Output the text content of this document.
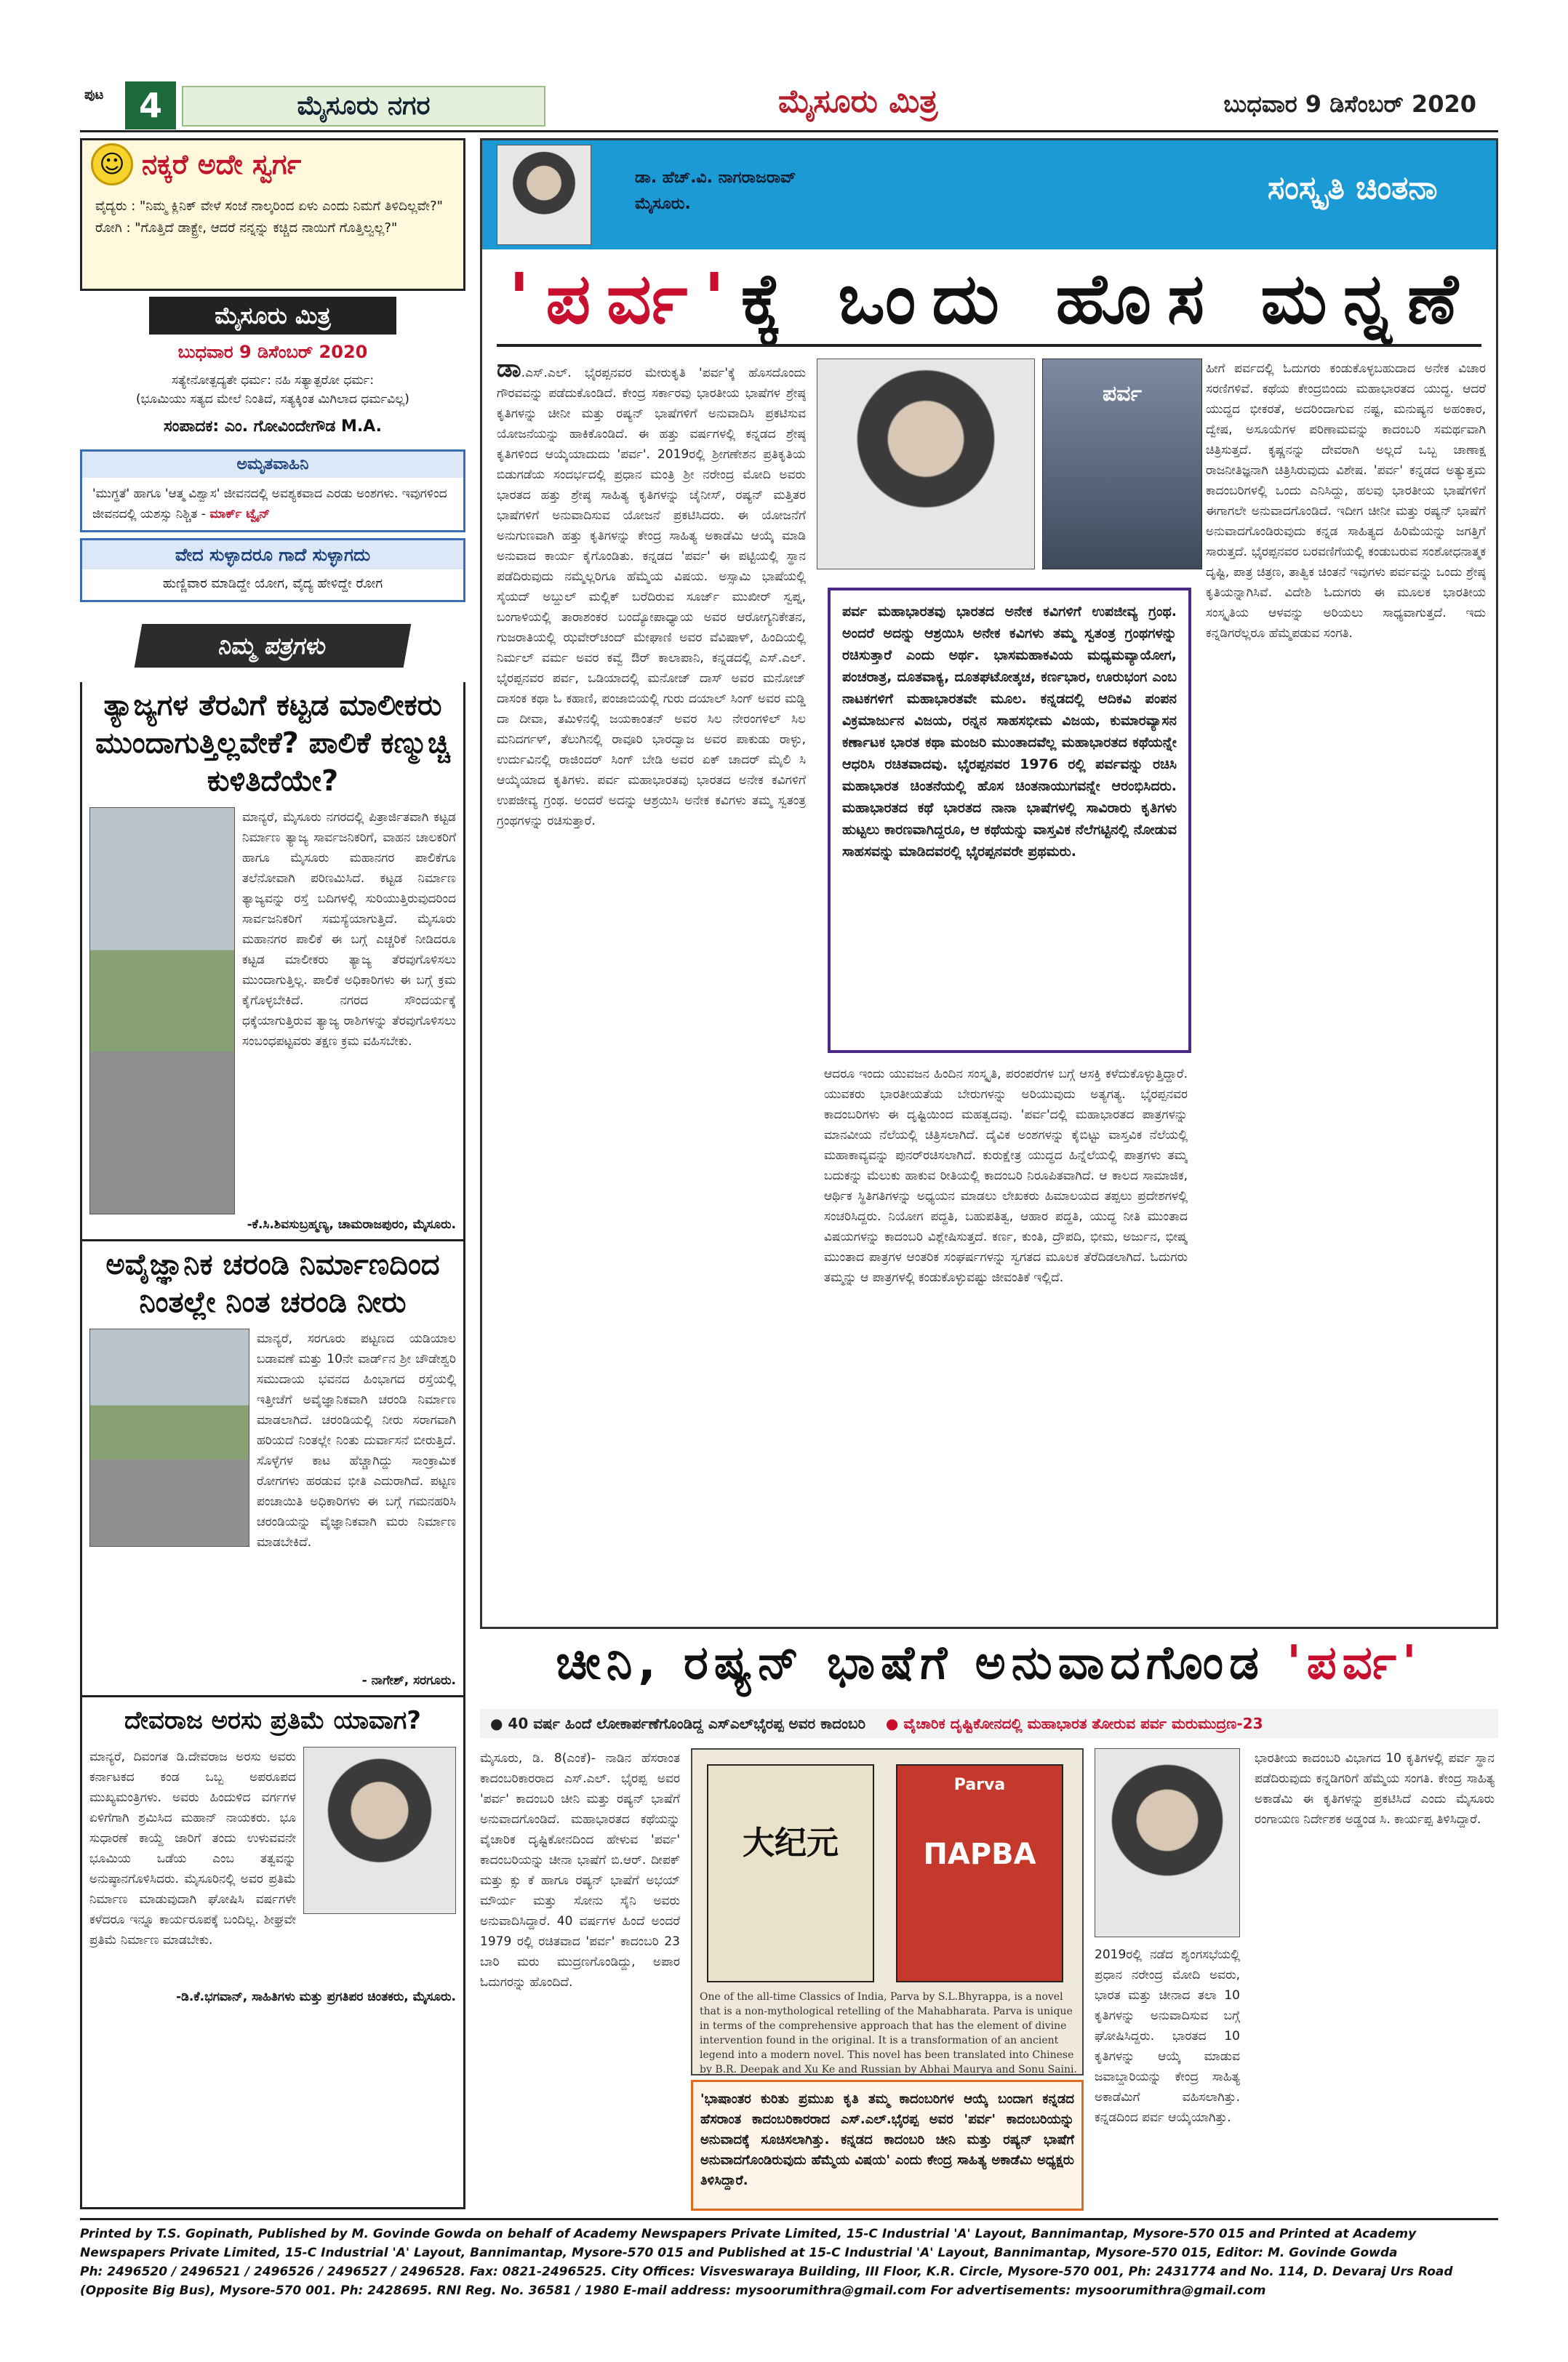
ಪುಟ	4	ಮೈಸೂರು ನಗರ	ಮೈಸೂರು ಮಿತ್ರ	ಬುಧವಾರ 9 ಡಿಸೆಂಬರ್ 2020
☺ ನಕ್ಕರೆ ಅದೇ ಸ್ವರ್ಗ

ವೈದ್ಯರು : "ನಿಮ್ಮ ಕ್ಲಿನಿಕ್ ವೇಳೆ ಸಂಜೆ ನಾಲ್ಕರಿಂದ ಏಳು ಎಂದು ನಿಮಗೆ ತಿಳಿದಿಲ್ಲವೇ?"

ರೋಗಿ : "ಗೊತ್ತಿದೆ ಡಾಕ್ಟ್ರೇ, ಆದರೆ ನನ್ನನ್ನು ಕಚ್ಚಿದ ನಾಯಿಗೆ ಗೊತ್ತಿಲ್ವಲ್ಲ?"

ಮೈಸೂರು ಮಿತ್ರ
ಬುಧವಾರ 9 ಡಿಸೆಂಬರ್ 2020

ಸತ್ಯೇನೋತ್ಪದ್ಯತೇ ಧರ್ಮ: ನಹಿ ಸತ್ಯಾತ್ಪರೋ ಧರ್ಮ:

(ಭೂಮಿಯು ಸತ್ಯದ ಮೇಲೆ ನಿಂತಿದೆ, ಸತ್ಯಕ್ಕಿಂತ ಮಿಗಿಲಾದ ಧರ್ಮವಿಲ್ಲ)

ಸಂಪಾದಕ: ಎಂ. ಗೋವಿಂದೇಗೌಡ M.A.
ಅಮೃತವಾಹಿನಿ
'ಮುಗ್ಧತೆ' ಹಾಗೂ 'ಆತ್ಮ ವಿಶ್ವಾಸ' ಜೀವನದಲ್ಲಿ ಅವಶ್ಯಕವಾದ ಎರಡು ಅಂಶಗಳು. ಇವುಗಳಿಂದ ಜೀವನದಲ್ಲಿ ಯಶಸ್ಸು ನಿಶ್ಚಿತ - ಮಾರ್ಕ್ ಟ್ವೈನ್
ವೇದ ಸುಳ್ಳಾದರೂ ಗಾದೆ ಸುಳ್ಳಾಗದು
ಹುಣ್ಣಿವಾರ ಮಾಡಿದ್ದೇ ಯೋಗ, ವೈದ್ಯ ಹೇಳಿದ್ದೇ ರೋಗ
ನಿಮ್ಮ ಪತ್ರಗಳು
ತ್ಯಾಜ್ಯಗಳ ತೆರವಿಗೆ ಕಟ್ಟಡ ಮಾಲೀಕರು ಮುಂದಾಗುತ್ತಿಲ್ಲವೇಕೆ? ಪಾಲಿಕೆ ಕಣ್ಮುಚ್ಚಿ ಕುಳಿತಿದೆಯೇ?

ಮಾನ್ಯರೆ, ಮೈಸೂರು ನಗರದಲ್ಲಿ ಪಿತ್ರಾರ್ಜಿತವಾಗಿ ಕಟ್ಟಡ ನಿರ್ಮಾಣ ತ್ಯಾಜ್ಯ ಸಾರ್ವಜನಿಕರಿಗೆ, ವಾಹನ ಚಾಲಕರಿಗೆ ಹಾಗೂ ಮೈಸೂರು ಮಹಾನಗರ ಪಾಲಿಕೆಗೂ ತಲೆನೋವಾಗಿ ಪರಿಣಮಿಸಿದೆ. ಕಟ್ಟಡ ನಿರ್ಮಾಣ ತ್ಯಾಜ್ಯವನ್ನು ರಸ್ತೆ ಬದಿಗಳಲ್ಲಿ ಸುರಿಯುತ್ತಿರುವುದರಿಂದ ಸಾರ್ವಜನಿಕರಿಗೆ ಸಮಸ್ಯೆಯಾಗುತ್ತಿದೆ. ಮೈಸೂರು ಮಹಾನಗರ ಪಾಲಿಕೆ ಈ ಬಗ್ಗೆ ಎಚ್ಚರಿಕೆ ನೀಡಿದರೂ ಕಟ್ಟಡ ಮಾಲೀಕರು ತ್ಯಾಜ್ಯ ತೆರವುಗೊಳಿಸಲು ಮುಂದಾಗುತ್ತಿಲ್ಲ. ಪಾಲಿಕೆ ಅಧಿಕಾರಿಗಳು ಈ ಬಗ್ಗೆ ಕ್ರಮ ಕೈಗೊಳ್ಳಬೇಕಿದೆ. ನಗರದ ಸೌಂದರ್ಯಕ್ಕೆ ಧಕ್ಕೆಯಾಗುತ್ತಿರುವ ತ್ಯಾಜ್ಯ ರಾಶಿಗಳನ್ನು ತೆರವುಗೊಳಿಸಲು ಸಂಬಂಧಪಟ್ಟವರು ತಕ್ಷಣ ಕ್ರಮ ವಹಿಸಬೇಕು.

-ಕೆ.ಸಿ.ಶಿವಸುಬ್ರಹ್ಮಣ್ಯ, ಚಾಮರಾಜಪುರಂ, ಮೈಸೂರು.

ಅವೈಜ್ಞಾನಿಕ ಚರಂಡಿ ನಿರ್ಮಾಣದಿಂದ ನಿಂತಲ್ಲೇ ನಿಂತ ಚರಂಡಿ ನೀರು

ಮಾನ್ಯರೆ, ಸರಗೂರು ಪಟ್ಟಣದ ಯಡಿಯಾಲ ಬಡಾವಣೆ ಮತ್ತು 10ನೇ ವಾರ್ಡ್‌ನ ಶ್ರೀ ಚೌಡೇಶ್ವರಿ ಸಮುದಾಯ ಭವನದ ಹಿಂಭಾಗದ ರಸ್ತೆಯಲ್ಲಿ ಇತ್ತೀಚೆಗೆ ಅವೈಜ್ಞಾನಿಕವಾಗಿ ಚರಂಡಿ ನಿರ್ಮಾಣ ಮಾಡಲಾಗಿದೆ. ಚರಂಡಿಯಲ್ಲಿ ನೀರು ಸರಾಗವಾಗಿ ಹರಿಯದೆ ನಿಂತಲ್ಲೇ ನಿಂತು ದುರ್ವಾಸನೆ ಬೀರುತ್ತಿದೆ. ಸೊಳ್ಳೆಗಳ ಕಾಟ ಹೆಚ್ಚಾಗಿದ್ದು ಸಾಂಕ್ರಾಮಿಕ ರೋಗಗಳು ಹರಡುವ ಭೀತಿ ಎದುರಾಗಿದೆ. ಪಟ್ಟಣ ಪಂಚಾಯಿತಿ ಅಧಿಕಾರಿಗಳು ಈ ಬಗ್ಗೆ ಗಮನಹರಿಸಿ ಚರಂಡಿಯನ್ನು ವೈಜ್ಞಾನಿಕವಾಗಿ ಮರು ನಿರ್ಮಾಣ ಮಾಡಬೇಕಿದೆ.

- ನಾಗೇಶ್, ಸರಗೂರು.

ದೇವರಾಜ ಅರಸು ಪ್ರತಿಮೆ ಯಾವಾಗ?

ಮಾನ್ಯರೆ, ದಿವಂಗತ ಡಿ.ದೇವರಾಜ ಅರಸು ಅವರು ಕರ್ನಾಟಕದ ಕಂಡ ಒಬ್ಬ ಅಪರೂಪದ ಮುಖ್ಯಮಂತ್ರಿಗಳು. ಅವರು ಹಿಂದುಳಿದ ವರ್ಗಗಳ ಏಳಿಗೆಗಾಗಿ ಶ್ರಮಿಸಿದ ಮಹಾನ್ ನಾಯಕರು. ಭೂ ಸುಧಾರಣೆ ಕಾಯ್ದೆ ಜಾರಿಗೆ ತಂದು ಉಳುವವನೇ ಭೂಮಿಯ ಒಡೆಯ ಎಂಬ ತತ್ವವನ್ನು ಅನುಷ್ಠಾನಗೊಳಿಸಿದರು. ಮೈಸೂರಿನಲ್ಲಿ ಅವರ ಪ್ರತಿಮೆ ನಿರ್ಮಾಣ ಮಾಡುವುದಾಗಿ ಘೋಷಿಸಿ ವರ್ಷಗಳೇ ಕಳೆದರೂ ಇನ್ನೂ ಕಾರ್ಯರೂಪಕ್ಕೆ ಬಂದಿಲ್ಲ. ಶೀಘ್ರವೇ ಪ್ರತಿಮೆ ನಿರ್ಮಾಣ ಮಾಡಬೇಕು.

-ಡಿ.ಕೆ.ಭಗವಾನ್, ಸಾಹಿತಿಗಳು ಮತ್ತು ಪ್ರಗತಿಪರ ಚಿಂತಕರು, ಮೈಸೂರು.

ಡಾ. ಹೆಚ್.ವಿ. ನಾಗರಾಜರಾವ್

ಮೈಸೂರು.	ಸಂಸ್ಕೃತಿ ಚಿಂತನಾ
'ಪರ್ವ'ಕ್ಕೆ ಒಂದು ಹೊಸ ಮನ್ನಣೆ
ಡಾ.ಎಸ್.ಎಲ್. ಭೈರಪ್ಪನವರ ಮೇರುಕೃತಿ 'ಪರ್ವ'ಕ್ಕೆ ಹೊಸದೊಂದು ಗೌರವವನ್ನು ಪಡೆದುಕೊಂಡಿದೆ. ಕೇಂದ್ರ ಸರ್ಕಾರವು ಭಾರತೀಯ ಭಾಷೆಗಳ ಶ್ರೇಷ್ಠ ಕೃತಿಗಳನ್ನು ಚೀನೀ ಮತ್ತು ರಷ್ಯನ್ ಭಾಷೆಗಳಿಗೆ ಅನುವಾದಿಸಿ ಪ್ರಕಟಿಸುವ ಯೋಜನೆಯನ್ನು ಹಾಕಿಕೊಂಡಿದೆ. ಈ ಹತ್ತು ವರ್ಷಗಳಲ್ಲಿ ಕನ್ನಡದ ಶ್ರೇಷ್ಠ ಕೃತಿಗಳಿಂದ ಆಯ್ಕೆಯಾದುದು 'ಪರ್ವ'. 2019ರಲ್ಲಿ ಶ್ರೀಗಣೇಶನ ಪ್ರತಿಕೃತಿಯ ಬಿಡುಗಡೆಯ ಸಂದರ್ಭದಲ್ಲಿ ಪ್ರಧಾನ ಮಂತ್ರಿ ಶ್ರೀ ನರೇಂದ್ರ ಮೋದಿ ಅವರು ಭಾರತದ ಹತ್ತು ಶ್ರೇಷ್ಠ ಸಾಹಿತ್ಯ ಕೃತಿಗಳನ್ನು ಚೈನೀಸ್, ರಷ್ಯನ್ ಮತ್ತಿತರ ಭಾಷೆಗಳಿಗೆ ಅನುವಾದಿಸುವ ಯೋಜನೆ ಪ್ರಕಟಿಸಿದರು. ಈ ಯೋಜನೆಗೆ ಅನುಗುಣವಾಗಿ ಹತ್ತು ಕೃತಿಗಳನ್ನು ಕೇಂದ್ರ ಸಾಹಿತ್ಯ ಅಕಾಡೆಮಿ ಆಯ್ಕೆ ಮಾಡಿ ಅನುವಾದ ಕಾರ್ಯ ಕೈಗೊಂಡಿತು. ಕನ್ನಡದ 'ಪರ್ವ' ಈ ಪಟ್ಟಿಯಲ್ಲಿ ಸ್ಥಾನ ಪಡೆದಿರುವುದು ನಮ್ಮೆಲ್ಲರಿಗೂ ಹೆಮ್ಮೆಯ ವಿಷಯ. ಅಸ್ಸಾಮಿ ಭಾಷೆಯಲ್ಲಿ ಸೈಯದ್ ಅಬ್ದುಲ್ ಮಲ್ಲಿಕ್ ಬರೆದಿರುವ ಸೂರ್ಜ್ ಮುಖೀರ್ ಸ್ವಪ್ನ, ಬಂಗಾಳಿಯಲ್ಲಿ ತಾರಾಶಂಕರ ಬಂದ್ಯೋಪಾಧ್ಯಾಯ ಅವರ ಆರೋಗ್ಯನಿಕೇತನ, ಗುಜರಾತಿಯಲ್ಲಿ ಝವೇರ್‌ಚಂದ್ ಮೇಘಾಣಿ ಅವರ ವೆವಿಷಾಳ್, ಹಿಂದಿಯಲ್ಲಿ ನಿರ್ಮಲ್ ವರ್ಮ ಅವರ ಕವ್ವೆ ಔರ್ ಕಾಲಾಪಾನಿ, ಕನ್ನಡದಲ್ಲಿ ಎಸ್.ಎಲ್. ಭೈರಪ್ಪನವರ ಪರ್ವ, ಒಡಿಯಾದಲ್ಲಿ ಮನೋಜ್ ದಾಸ್ ಅವರ ಮನೋಜ್ ದಾಸಂಕ ಕಥಾ ಓ ಕಹಾಣಿ, ಪಂಜಾಬಿಯಲ್ಲಿ ಗುರು ದಯಾಲ್ ಸಿಂಗ್ ಅವರ ಮಡ್ಡಿ ದಾ ದೀವಾ, ತಮಿಳಿನಲ್ಲಿ ಜಯಕಾಂತನ್ ಅವರ ಸಿಲ ನೇರಂಗಳಿಲ್ ಸಿಲ ಮನಿದರ್ಗಳ್, ತೆಲುಗಿನಲ್ಲಿ ರಾವೂರಿ ಭಾರದ್ವಾಜ ಅವರ ಪಾಕುಡು ರಾಳ್ಳು, ಉರ್ದುವಿನಲ್ಲಿ ರಾಜಿಂದರ್ ಸಿಂಗ್ ಬೇಡಿ ಅವರ ಏಕ್ ಚಾದರ್ ಮೈಲಿ ಸಿ ಆಯ್ಕೆಯಾದ ಕೃತಿಗಳು. ಪರ್ವ ಮಹಾಭಾರತವು ಭಾರತದ ಅನೇಕ ಕವಿಗಳಿಗೆ ಉಪಜೀವ್ಯ ಗ್ರಂಥ. ಅಂದರೆ ಅದನ್ನು ಆಶ್ರಯಿಸಿ ಅನೇಕ ಕವಿಗಳು ತಮ್ಮ ಸ್ವತಂತ್ರ ಗ್ರಂಥಗಳನ್ನು ರಚಿಸುತ್ತಾರೆ.
ಪರ್ವ
ಪರ್ವ ಮಹಾಭಾರತವು ಭಾರತದ ಅನೇಕ ಕವಿಗಳಿಗೆ ಉಪಜೀವ್ಯ ಗ್ರಂಥ. ಅಂದರೆ ಅದನ್ನು ಆಶ್ರಯಿಸಿ ಅನೇಕ ಕವಿಗಳು ತಮ್ಮ ಸ್ವತಂತ್ರ ಗ್ರಂಥಗಳನ್ನು ರಚಿಸುತ್ತಾರೆ ಎಂದು ಅರ್ಥ. ಭಾಸಮಹಾಕವಿಯ ಮಧ್ಯಮವ್ಯಾಯೋಗ, ಪಂಚರಾತ್ರ, ದೂತವಾಕ್ಯ, ದೂತಘಟೋತ್ಕಚ, ಕರ್ಣಭಾರ, ಊರುಭಂಗ ಎಂಬ ನಾಟಕಗಳಿಗೆ ಮಹಾಭಾರತವೇ ಮೂಲ. ಕನ್ನಡದಲ್ಲಿ ಆದಿಕವಿ ಪಂಪನ ವಿಕ್ರಮಾರ್ಜುನ ವಿಜಯ, ರನ್ನನ ಸಾಹಸಭೀಮ ವಿಜಯ, ಕುಮಾರವ್ಯಾಸನ ಕರ್ಣಾಟಕ ಭಾರತ ಕಥಾ ಮಂಜರಿ ಮುಂತಾದವೆಲ್ಲ ಮಹಾಭಾರತದ ಕಥೆಯನ್ನೇ ಆಧರಿಸಿ ರಚಿತವಾದವು. ಭೈರಪ್ಪನವರ 1976 ರಲ್ಲಿ ಪರ್ವವನ್ನು ರಚಿಸಿ ಮಹಾಭಾರತ ಚಿಂತನೆಯಲ್ಲಿ ಹೊಸ ಚಿಂತನಾಯುಗವನ್ನೇ ಆರಂಭಿಸಿದರು. ಮಹಾಭಾರತದ ಕಥೆ ಭಾರತದ ನಾನಾ ಭಾಷೆಗಳಲ್ಲಿ ಸಾವಿರಾರು ಕೃತಿಗಳು ಹುಟ್ಟಲು ಕಾರಣವಾಗಿದ್ದರೂ, ಆ ಕಥೆಯನ್ನು ವಾಸ್ತವಿಕ ನೆಲೆಗಟ್ಟಿನಲ್ಲಿ ನೋಡುವ ಸಾಹಸವನ್ನು ಮಾಡಿದವರಲ್ಲಿ ಭೈರಪ್ಪನವರೇ ಪ್ರಥಮರು.
ಆದರೂ ಇಂದು ಯುವಜನ ಹಿಂದಿನ ಸಂಸ್ಕೃತಿ, ಪರಂಪರೆಗಳ ಬಗ್ಗೆ ಆಸಕ್ತಿ ಕಳೆದುಕೊಳ್ಳುತ್ತಿದ್ದಾರೆ. ಯುವಕರು ಭಾರತೀಯತೆಯ ಬೇರುಗಳನ್ನು ಅರಿಯುವುದು ಅತ್ಯಗತ್ಯ. ಭೈರಪ್ಪನವರ ಕಾದಂಬರಿಗಳು ಈ ದೃಷ್ಟಿಯಿಂದ ಮಹತ್ವದವು. 'ಪರ್ವ'ದಲ್ಲಿ ಮಹಾಭಾರತದ ಪಾತ್ರಗಳನ್ನು ಮಾನವೀಯ ನೆಲೆಯಲ್ಲಿ ಚಿತ್ರಿಸಲಾಗಿದೆ. ದೈವಿಕ ಅಂಶಗಳನ್ನು ಕೈಬಿಟ್ಟು ವಾಸ್ತವಿಕ ನೆಲೆಯಲ್ಲಿ ಮಹಾಕಾವ್ಯವನ್ನು ಪುನರ್‌ರಚಿಸಲಾಗಿದೆ. ಕುರುಕ್ಷೇತ್ರ ಯುದ್ಧದ ಹಿನ್ನೆಲೆಯಲ್ಲಿ ಪಾತ್ರಗಳು ತಮ್ಮ ಬದುಕನ್ನು ಮೆಲುಕು ಹಾಕುವ ರೀತಿಯಲ್ಲಿ ಕಾದಂಬರಿ ನಿರೂಪಿತವಾಗಿದೆ. ಆ ಕಾಲದ ಸಾಮಾಜಿಕ, ಆರ್ಥಿಕ ಸ್ಥಿತಿಗತಿಗಳನ್ನು ಅಧ್ಯಯನ ಮಾಡಲು ಲೇಖಕರು ಹಿಮಾಲಯದ ತಪ್ಪಲು ಪ್ರದೇಶಗಳಲ್ಲಿ ಸಂಚರಿಸಿದ್ದರು. ನಿಯೋಗ ಪದ್ಧತಿ, ಬಹುಪತಿತ್ವ, ಆಹಾರ ಪದ್ಧತಿ, ಯುದ್ಧ ನೀತಿ ಮುಂತಾದ ವಿಷಯಗಳನ್ನು ಕಾದಂಬರಿ ವಿಶ್ಲೇಷಿಸುತ್ತದೆ. ಕರ್ಣ, ಕುಂತಿ, ದ್ರೌಪದಿ, ಭೀಮ, ಅರ್ಜುನ, ಭೀಷ್ಮ ಮುಂತಾದ ಪಾತ್ರಗಳ ಆಂತರಿಕ ಸಂಘರ್ಷಗಳನ್ನು ಸ್ವಗತದ ಮೂಲಕ ತೆರೆದಿಡಲಾಗಿದೆ. ಓದುಗರು ತಮ್ಮನ್ನು ಆ ಪಾತ್ರಗಳಲ್ಲಿ ಕಂಡುಕೊಳ್ಳುವಷ್ಟು ಜೀವಂತಿಕೆ ಇಲ್ಲಿದೆ.
ಹೀಗೆ ಪರ್ವದಲ್ಲಿ ಓದುಗರು ಕಂಡುಕೊಳ್ಳಬಹುದಾದ ಅನೇಕ ವಿಚಾರ ಸರಣಿಗಳಿವೆ. ಕಥೆಯ ಕೇಂದ್ರಬಿಂದು ಮಹಾಭಾರತದ ಯುದ್ಧ. ಆದರೆ ಯುದ್ಧದ ಭೀಕರತೆ, ಅದರಿಂದಾಗುವ ನಷ್ಟ, ಮನುಷ್ಯನ ಅಹಂಕಾರ, ದ್ವೇಷ, ಅಸೂಯೆಗಳ ಪರಿಣಾಮವನ್ನು ಕಾದಂಬರಿ ಸಮರ್ಥವಾಗಿ ಚಿತ್ರಿಸುತ್ತದೆ. ಕೃಷ್ಣನನ್ನು ದೇವರಾಗಿ ಅಲ್ಲದೆ ಒಬ್ಬ ಚಾಣಾಕ್ಷ ರಾಜನೀತಿಜ್ಞನಾಗಿ ಚಿತ್ರಿಸಿರುವುದು ವಿಶೇಷ. 'ಪರ್ವ' ಕನ್ನಡದ ಅತ್ಯುತ್ತಮ ಕಾದಂಬರಿಗಳಲ್ಲಿ ಒಂದು ಎನಿಸಿದ್ದು, ಹಲವು ಭಾರತೀಯ ಭಾಷೆಗಳಿಗೆ ಈಗಾಗಲೇ ಅನುವಾದಗೊಂಡಿದೆ. ಇದೀಗ ಚೀನೀ ಮತ್ತು ರಷ್ಯನ್ ಭಾಷೆಗೆ ಅನುವಾದಗೊಂಡಿರುವುದು ಕನ್ನಡ ಸಾಹಿತ್ಯದ ಹಿರಿಮೆಯನ್ನು ಜಗತ್ತಿಗೆ ಸಾರುತ್ತದೆ. ಭೈರಪ್ಪನವರ ಬರವಣಿಗೆಯಲ್ಲಿ ಕಂಡುಬರುವ ಸಂಶೋಧನಾತ್ಮಕ ದೃಷ್ಟಿ, ಪಾತ್ರ ಚಿತ್ರಣ, ತಾತ್ವಿಕ ಚಿಂತನೆ ಇವುಗಳು ಪರ್ವವನ್ನು ಒಂದು ಶ್ರೇಷ್ಠ ಕೃತಿಯನ್ನಾಗಿಸಿವೆ. ವಿದೇಶಿ ಓದುಗರು ಈ ಮೂಲಕ ಭಾರತೀಯ ಸಂಸ್ಕೃತಿಯ ಆಳವನ್ನು ಅರಿಯಲು ಸಾಧ್ಯವಾಗುತ್ತದೆ. ಇದು ಕನ್ನಡಿಗರೆಲ್ಲರೂ ಹೆಮ್ಮೆಪಡುವ ಸಂಗತಿ.
ಚೀನಿ, ರಷ್ಯನ್ ಭಾಷೆಗೆ ಅನುವಾದಗೊಂಡ 'ಪರ್ವ'
● 40 ವರ್ಷ ಹಿಂದೆ ಲೋಕಾರ್ಪಣೆಗೊಂಡಿದ್ದ ಎಸ್‌ಎಲ್‌ಭೈರಪ್ಪ ಅವರ ಕಾದಂಬರಿ ● ವೈಚಾರಿಕ ದೃಷ್ಟಿಕೋನದಲ್ಲಿ ಮಹಾಭಾರತ ತೋರುವ ಪರ್ವ ಮರುಮುದ್ರಣ-23
ಮೈಸೂರು, ಡಿ. 8(ಎಂಕೆ)- ನಾಡಿನ ಹೆಸರಾಂತ ಕಾದಂಬರಿಕಾರರಾದ ಎಸ್.ಎಲ್. ಭೈರಪ್ಪ ಅವರ 'ಪರ್ವ' ಕಾದಂಬರಿ ಚೀನಿ ಮತ್ತು ರಷ್ಯನ್ ಭಾಷೆಗೆ ಅನುವಾದಗೊಂಡಿದೆ. ಮಹಾಭಾರತದ ಕಥೆಯನ್ನು ವೈಚಾರಿಕ ದೃಷ್ಟಿಕೋನದಿಂದ ಹೇಳುವ 'ಪರ್ವ' ಕಾದಂಬರಿಯನ್ನು ಚೀನಾ ಭಾಷೆಗೆ ಬಿ.ಆರ್. ದೀಪಕ್ ಮತ್ತು ಕ್ಸು ಕೆ ಹಾಗೂ ರಷ್ಯನ್ ಭಾಷೆಗೆ ಅಭಯ್ ಮೌರ್ಯ ಮತ್ತು ಸೋನು ಸೈನಿ ಅವರು ಅನುವಾದಿಸಿದ್ದಾರೆ. 40 ವರ್ಷಗಳ ಹಿಂದೆ ಅಂದರೆ 1979 ರಲ್ಲಿ ರಚಿತವಾದ 'ಪರ್ವ' ಕಾದಂಬರಿ 23 ಬಾರಿ ಮರು ಮುದ್ರಣಗೊಂಡಿದ್ದು, ಅಪಾರ ಓದುಗರನ್ನು ಹೊಂದಿದೆ.
大纪元
Parva
ПАРВА

One of the all-time Classics of India, Parva by S.L.Bhyrappa, is a novel that is a non-mythological retelling of the Mahabharata. Parva is unique in terms of the comprehensive approach that has the element of divine intervention found in the original. It is a transformation of an ancient legend into a modern novel. This novel has been translated into Chinese by B.R. Deepak and Xu Ke and Russian by Abhai Maurya and Sonu Saini.

'ಭಾಷಾಂತರ ಕುರಿತು ಪ್ರಮುಖ ಕೃತಿ ತಮ್ಮ ಕಾದಂಬರಿಗಳ ಆಯ್ಕೆ ಬಂದಾಗ ಕನ್ನಡದ ಹೆಸರಾಂತ ಕಾದಂಬರಿಕಾರರಾದ ಎಸ್.ಎಲ್.ಭೈರಪ್ಪ ಅವರ 'ಪರ್ವ' ಕಾದಂಬರಿಯನ್ನು ಅನುವಾದಕ್ಕೆ ಸೂಚಿಸಲಾಗಿತ್ತು. ಕನ್ನಡದ ಕಾದಂಬರಿ ಚೀನಿ ಮತ್ತು ರಷ್ಯನ್ ಭಾಷೆಗೆ ಅನುವಾದಗೊಂಡಿರುವುದು ಹೆಮ್ಮೆಯ ವಿಷಯ' ಎಂದು ಕೇಂದ್ರ ಸಾಹಿತ್ಯ ಅಕಾಡೆಮಿ ಅಧ್ಯಕ್ಷರು ತಿಳಿಸಿದ್ದಾರೆ.
2019ರಲ್ಲಿ ನಡೆದ ಶೃಂಗಸಭೆಯಲ್ಲಿ ಪ್ರಧಾನ ನರೇಂದ್ರ ಮೋದಿ ಅವರು, ಭಾರತ ಮತ್ತು ಚೀನಾದ ತಲಾ 10 ಕೃತಿಗಳನ್ನು ಅನುವಾದಿಸುವ ಬಗ್ಗೆ ಘೋಷಿಸಿದ್ದರು. ಭಾರತದ 10 ಕೃತಿಗಳನ್ನು ಆಯ್ಕೆ ಮಾಡುವ ಜವಾಬ್ದಾರಿಯನ್ನು ಕೇಂದ್ರ ಸಾಹಿತ್ಯ ಅಕಾಡೆಮಿಗೆ ವಹಿಸಲಾಗಿತ್ತು. ಕನ್ನಡದಿಂದ ಪರ್ವ ಆಯ್ಕೆಯಾಗಿತ್ತು.
ಭಾರತೀಯ ಕಾದಂಬರಿ ವಿಭಾಗದ 10 ಕೃತಿಗಳಲ್ಲಿ ಪರ್ವ ಸ್ಥಾನ ಪಡೆದಿರುವುದು ಕನ್ನಡಿಗರಿಗೆ ಹೆಮ್ಮೆಯ ಸಂಗತಿ. ಕೇಂದ್ರ ಸಾಹಿತ್ಯ ಅಕಾಡೆಮಿ ಈ ಕೃತಿಗಳನ್ನು ಪ್ರಕಟಿಸಿದೆ ಎಂದು ಮೈಸೂರು ರಂಗಾಯಣ ನಿರ್ದೇಶಕ ಅಡ್ಡಂಡ ಸಿ. ಕಾರ್ಯಪ್ಪ ತಿಳಿಸಿದ್ದಾರೆ.

Printed by T.S. Gopinath, Published by M. Govinde Gowda on behalf of Academy Newspapers Private Limited, 15-C Industrial 'A' Layout, Bannimantap, Mysore-570 015 and Printed at Academy Newspapers Private Limited, 15-C Industrial 'A' Layout, Bannimantap, Mysore-570 015 and Published at 15-C Industrial 'A' Layout, Bannimantap, Mysore-570 015, Editor: M. Govinde Gowda

Ph: 2496520 / 2496521 / 2496526 / 2496527 / 2496528. Fax: 0821-2496525. City Offices: Visveswaraya Building, III Floor, K.R. Circle, Mysore-570 001, Ph: 2431774 and No. 114, D. Devaraj Urs Road (Opposite Big Bus), Mysore-570 001. Ph: 2428695. RNI Reg. No. 36581 / 1980 E-mail address: mysoorumithra@gmail.com For advertisements: mysoorumithra@gmail.com
